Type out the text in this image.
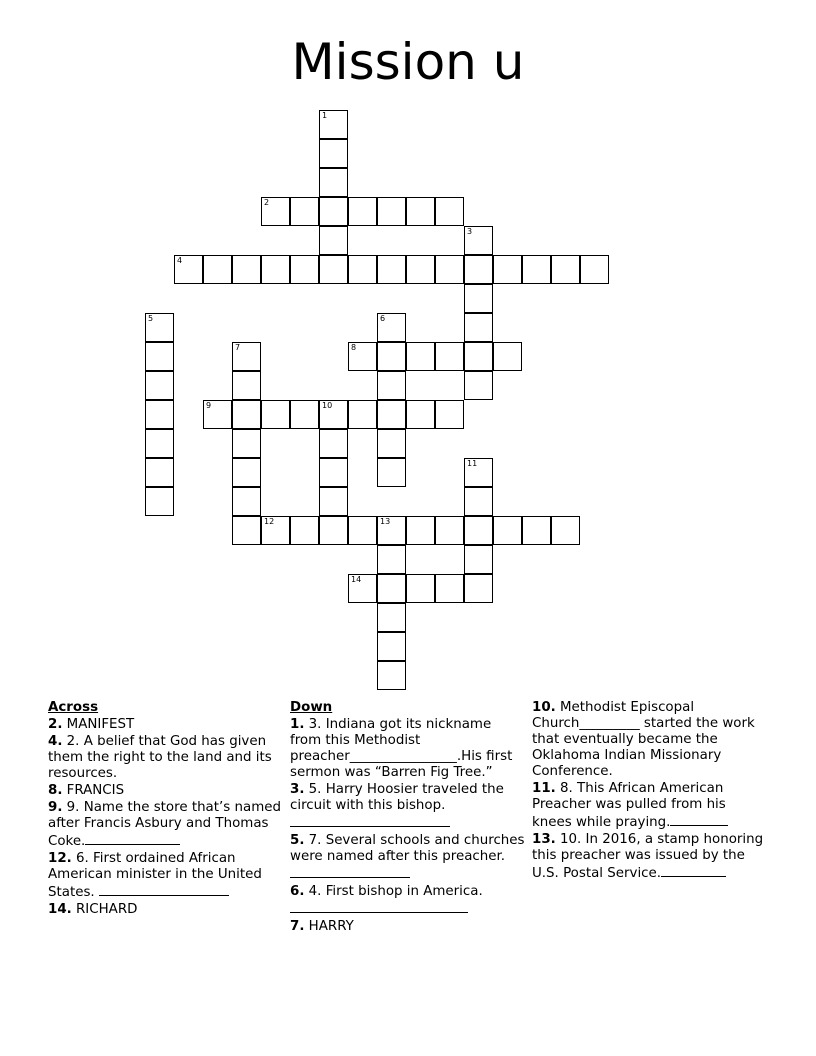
Mission u
1
2
4
3
5	6
7	8
9	10
11
12	13
14
Across
2. MANIFEST
4. 2. A belief that God has given them the right to the land and its resources.
8. FRANCIS
9. 9. Name the store that’s named after Francis Asbury and Thomas Coke.
12. 6. First ordained African American minister in the United States.
14. RICHARD
Down
1. 3. Indiana got its nickname from this Methodist preacher________________.His first sermon was “Barren Fig Tree.”
3. 5. Harry Hoosier traveled the circuit with this bishop.
5. 7. Several schools and churches were named after this preacher.
6. 4. First bishop in America.
7. HARRY
10. Methodist Episcopal Church_________ started the work that eventually became the Oklahoma Indian Missionary Conference.
11. 8. This African American Preacher was pulled from his knees while praying.
13. 10. In 2016, a stamp honoring this preacher was issued by the U.S. Postal Service.
